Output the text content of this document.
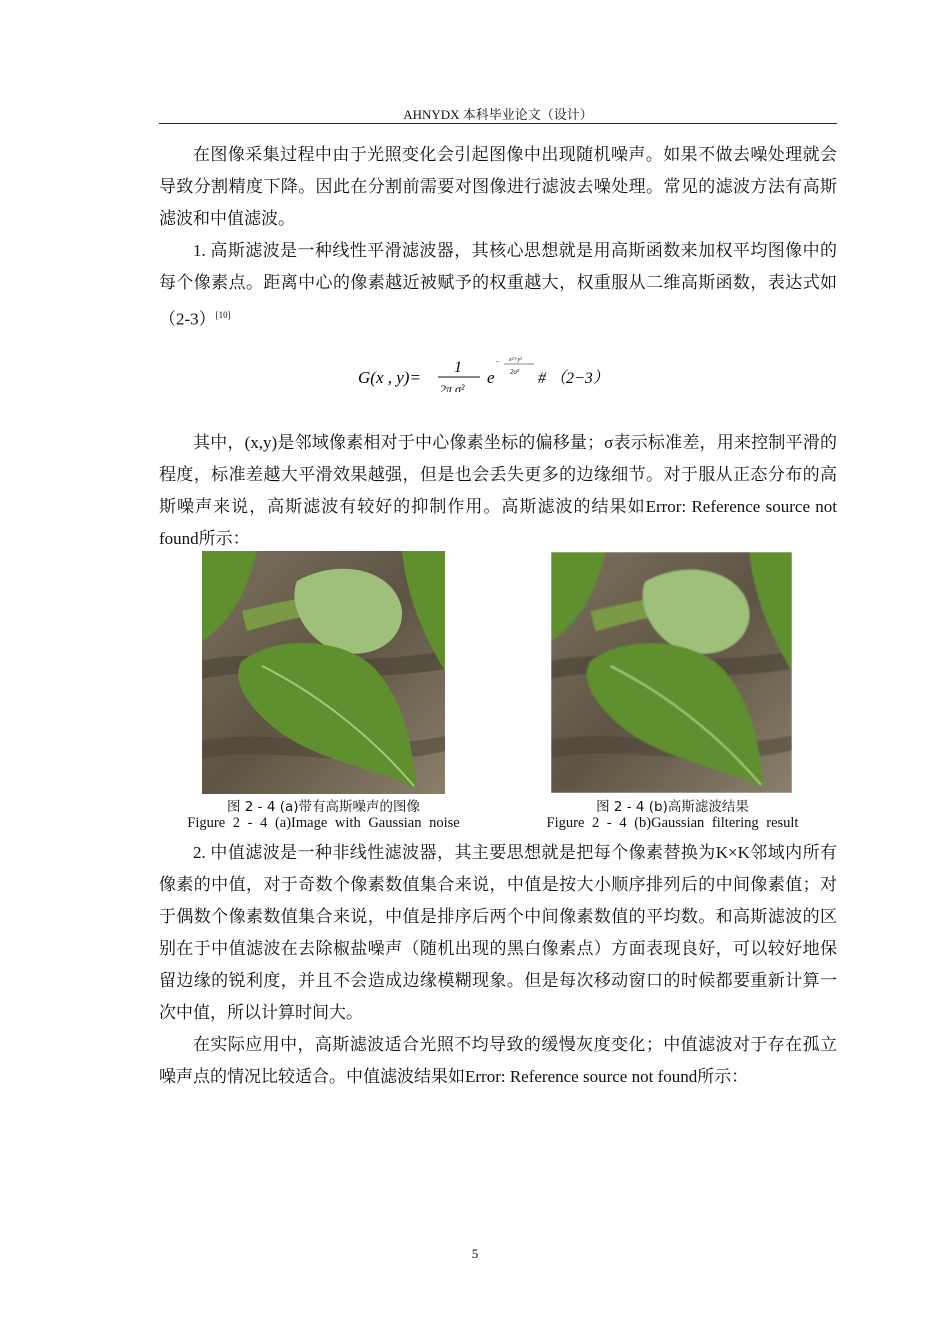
AHNYDX 本科毕业论文（设计）

在图像采集过程中由于光照变化会引起图像中出现随机噪声。如果不做去噪处理就会导致分割精度下降。因此在分割前需要对图像进行滤波去噪处理。常见的滤波方法有高斯滤波和中值滤波。

1. 高斯滤波是一种线性平滑滤波器，其核心思想就是用高斯函数来加权平均图像中的每个像素点。距离中心的像素越近被赋予的权重越大，权重服从二维高斯函数，表达式如（2-3）[10]

G(x , y)=
1
2π σ²
e
− x²+y²
2σ² # （2−3）

其中，(x,y)是邻域像素相对于中心像素坐标的偏移量；σ表示标准差，用来控制平滑的程度，标准差越大平滑效果越强，但是也会丢失更多的边缘细节。对于服从正态分布的高斯噪声来说，高斯滤波有较好的抑制作用。高斯滤波的结果如Error: Reference source not found所示：

图 2 - 4 (a)带有高斯噪声的图像
Figure 2 - 4 (a)Image with Gaussian noise
图 2 - 4 (b)高斯滤波结果
Figure 2 - 4 (b)Gaussian filtering result

2. 中值滤波是一种非线性滤波器，其主要思想就是把每个像素替换为K×K邻域内所有像素的中值，对于奇数个像素数值集合来说，中值是按大小顺序排列后的中间像素值；对于偶数个像素数值集合来说，中值是排序后两个中间像素数值的平均数。和高斯滤波的区别在于中值滤波在去除椒盐噪声（随机出现的黑白像素点）方面表现良好，可以较好地保留边缘的锐利度，并且不会造成边缘模糊现象。但是每次移动窗口的时候都要重新计算一次中值，所以计算时间大。

在实际应用中，高斯滤波适合光照不均导致的缓慢灰度变化；中值滤波对于存在孤立噪声点的情况比较适合。中值滤波结果如Error: Reference source not found所示：

5
